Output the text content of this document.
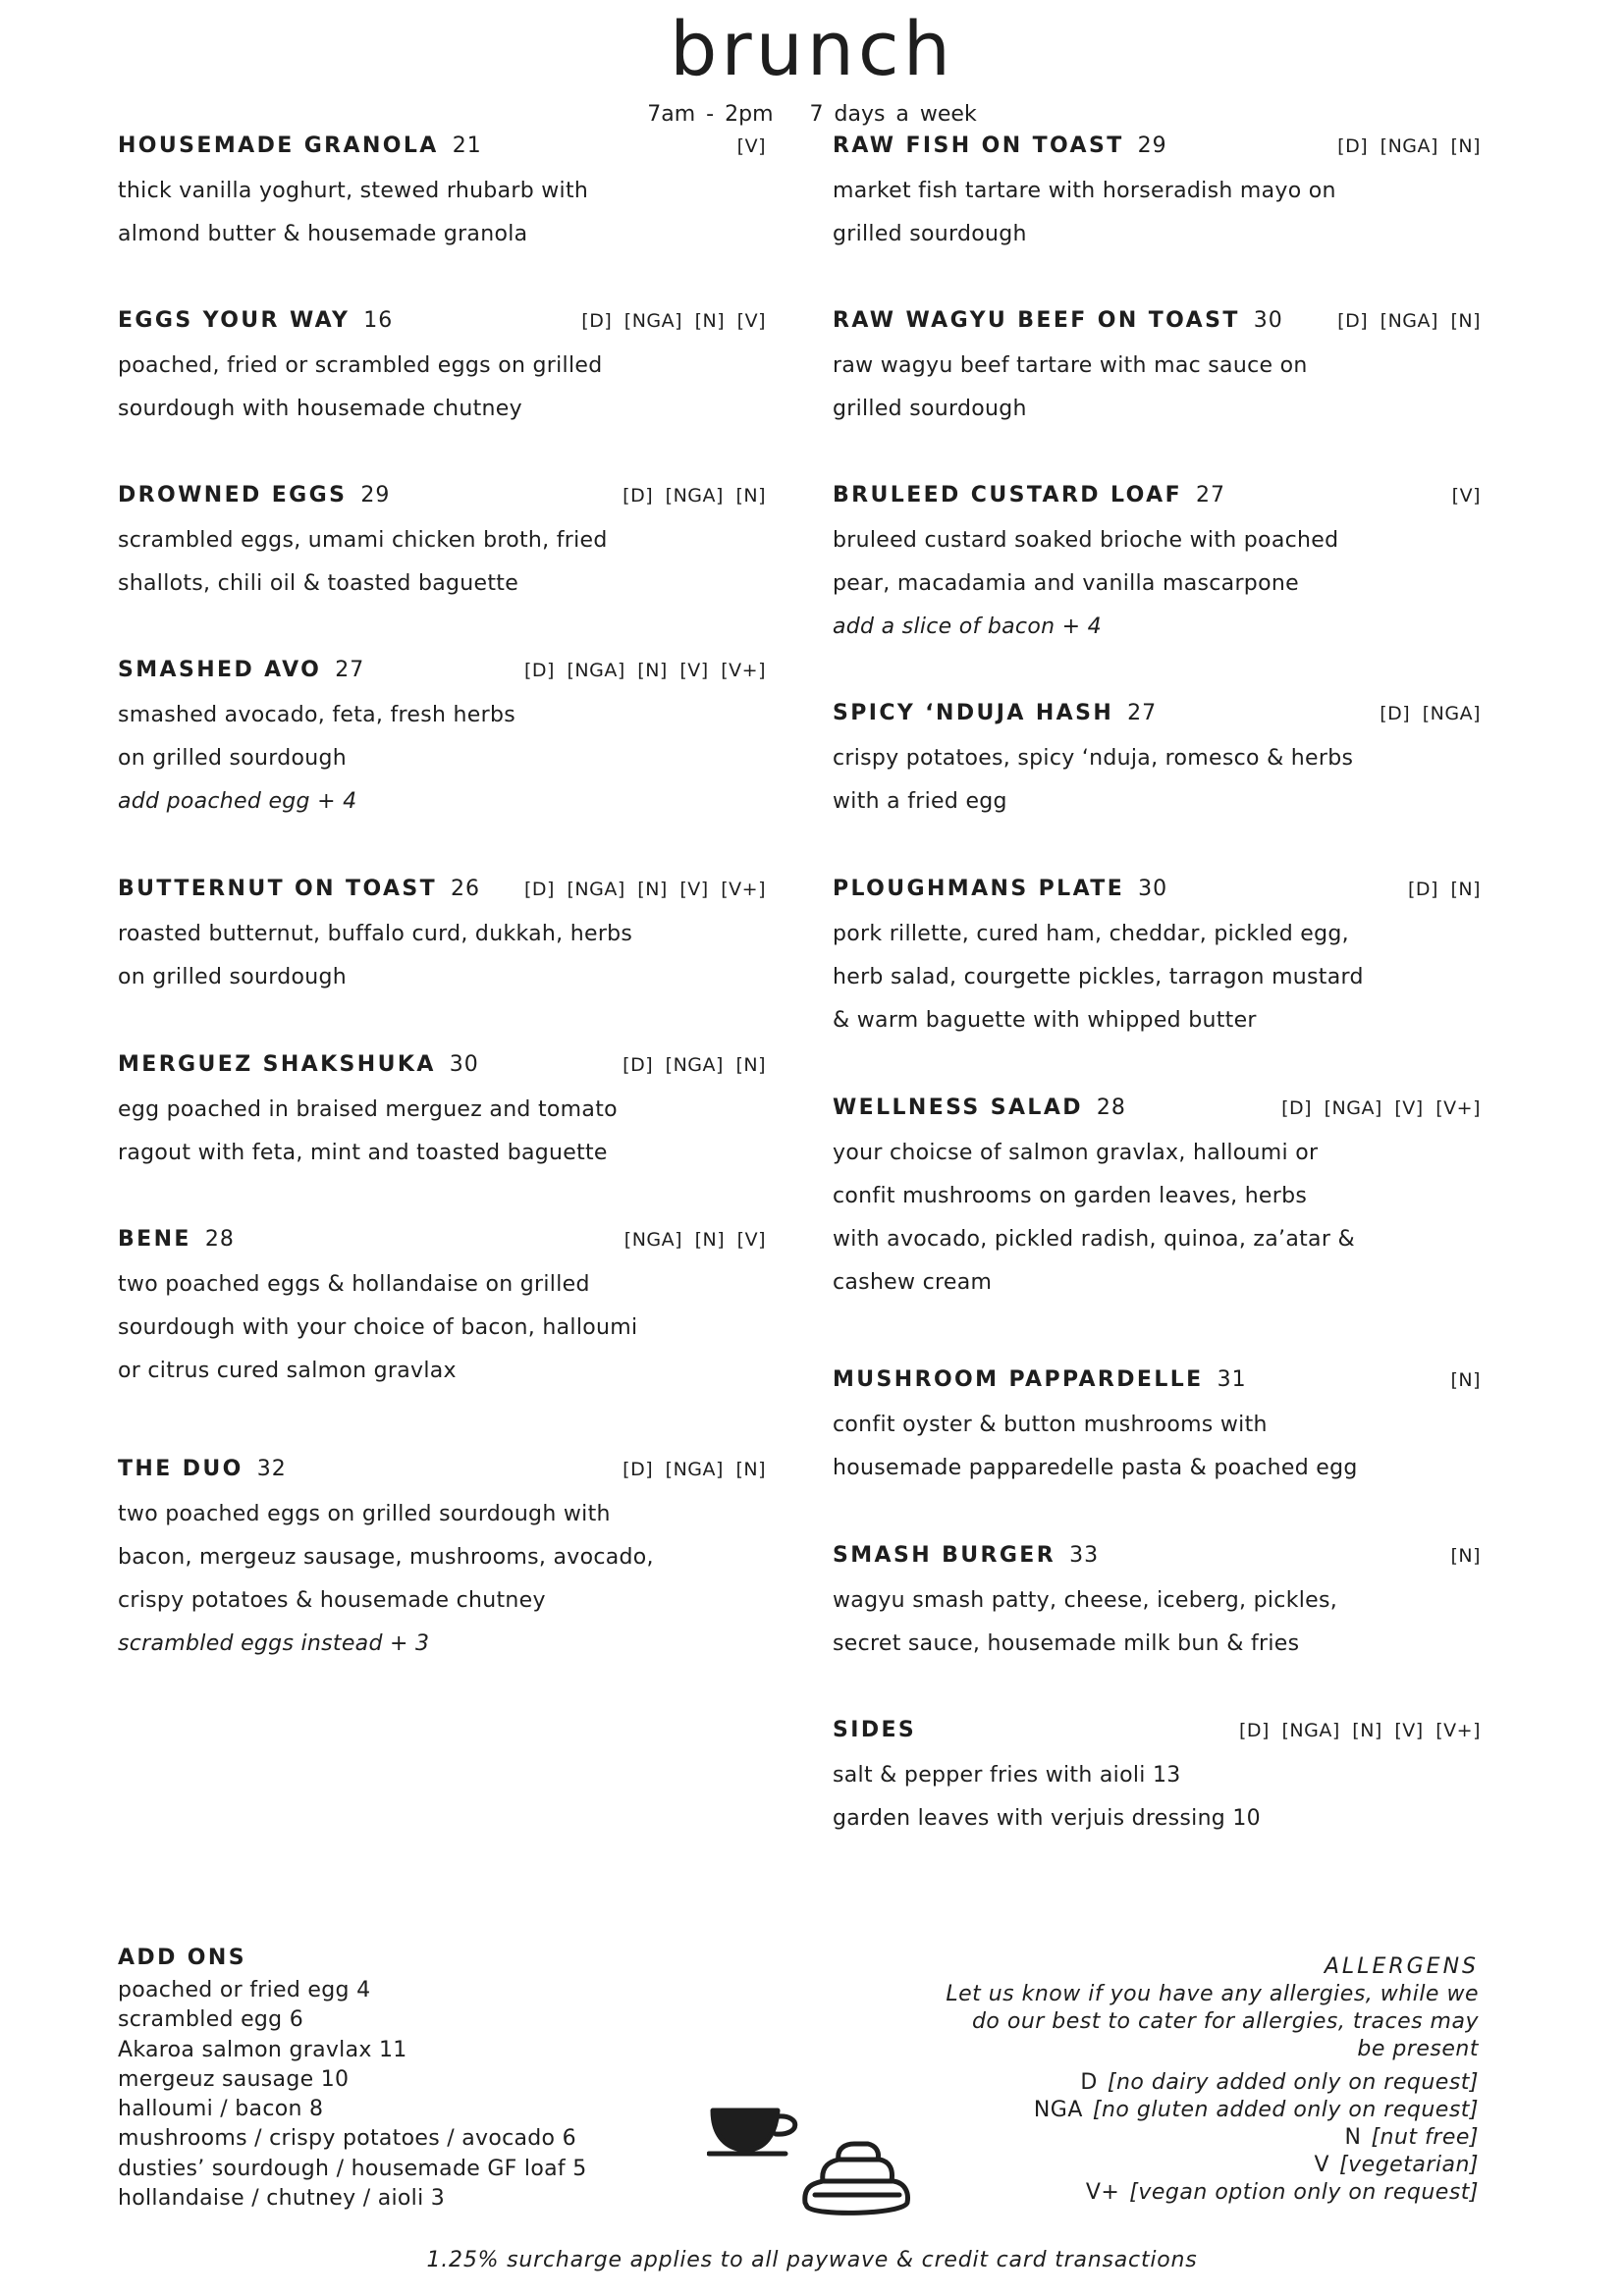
brunch
7am - 2pm 7 days a week
HOUSEMADE GRANOLA 21	[V]
thick vanilla yoghurt, stewed rhubarb with
almond butter & housemade granola
EGGS YOUR WAY 16	[D] [NGA] [N] [V]
poached, fried or scrambled eggs on grilled
sourdough with housemade chutney
DROWNED EGGS 29	[D] [NGA] [N]
scrambled eggs, umami chicken broth, fried
shallots, chili oil & toasted baguette
SMASHED AVO 27	[D] [NGA] [N] [V] [V+]
smashed avocado, feta, fresh herbs
on grilled sourdough
add poached egg + 4
BUTTERNUT ON TOAST 26 [D] [NGA] [N] [V] [V+]
roasted butternut, buffalo curd, dukkah, herbs
on grilled sourdough
MERGUEZ SHAKSHUKA 30	[D] [NGA] [N]
egg poached in braised merguez and tomato
ragout with feta, mint and toasted baguette
BENE 28	[NGA] [N] [V]
two poached eggs & hollandaise on grilled
sourdough with your choice of bacon, halloumi
or citrus cured salmon gravlax
THE DUO 32	[D] [NGA] [N]
two poached eggs on grilled sourdough with
bacon, mergeuz sausage, mushrooms, avocado,
crispy potatoes & housemade chutney
scrambled eggs instead + 3
RAW FISH ON TOAST 29	[D] [NGA] [N]
market fish tartare with horseradish mayo on
grilled sourdough
RAW WAGYU BEEF ON TOAST 30	[D] [NGA] [N]
raw wagyu beef tartare with mac sauce on
grilled sourdough
BRULEED CUSTARD LOAF 27	[V]
bruleed custard soaked brioche with poached
pear, macadamia and vanilla mascarpone
add a slice of bacon + 4
SPICY ‘NDUJA HASH 27	[D] [NGA]
crispy potatoes, spicy ‘nduja, romesco & herbs
with a fried egg
PLOUGHMANS PLATE 30	[D] [N]
pork rillette, cured ham, cheddar, pickled egg,
herb salad, courgette pickles, tarragon mustard
& warm baguette with whipped butter
WELLNESS SALAD 28	[D] [NGA] [V] [V+]
your choicse of salmon gravlax, halloumi or
confit mushrooms on garden leaves, herbs
with avocado, pickled radish, quinoa, za’atar &
cashew cream
MUSHROOM PAPPARDELLE 31	[N]
confit oyster & button mushrooms with
housemade papparedelle pasta & poached egg
SMASH BURGER 33	[N]
wagyu smash patty, cheese, iceberg, pickles,
secret sauce, housemade milk bun & fries
SIDES	[D] [NGA] [N] [V] [V+]
salt & pepper fries with aioli 13
garden leaves with verjuis dressing 10
ADD ONS
poached or fried egg 4
scrambled egg 6
Akaroa salmon gravlax 11
mergeuz sausage 10
halloumi / bacon 8
mushrooms / crispy potatoes / avocado 6
dusties’ sourdough / housemade GF loaf 5
hollandaise / chutney / aioli 3
ALLERGENS
Let us know if you have any allergies, while we
do our best to cater for allergies, traces may
be present
D [no dairy added only on request]
NGA [no gluten added only on request]
N [nut free]
V [vegetarian]
V+ [vegan option only on request]
1.25% surcharge applies to all paywave & credit card transactions
